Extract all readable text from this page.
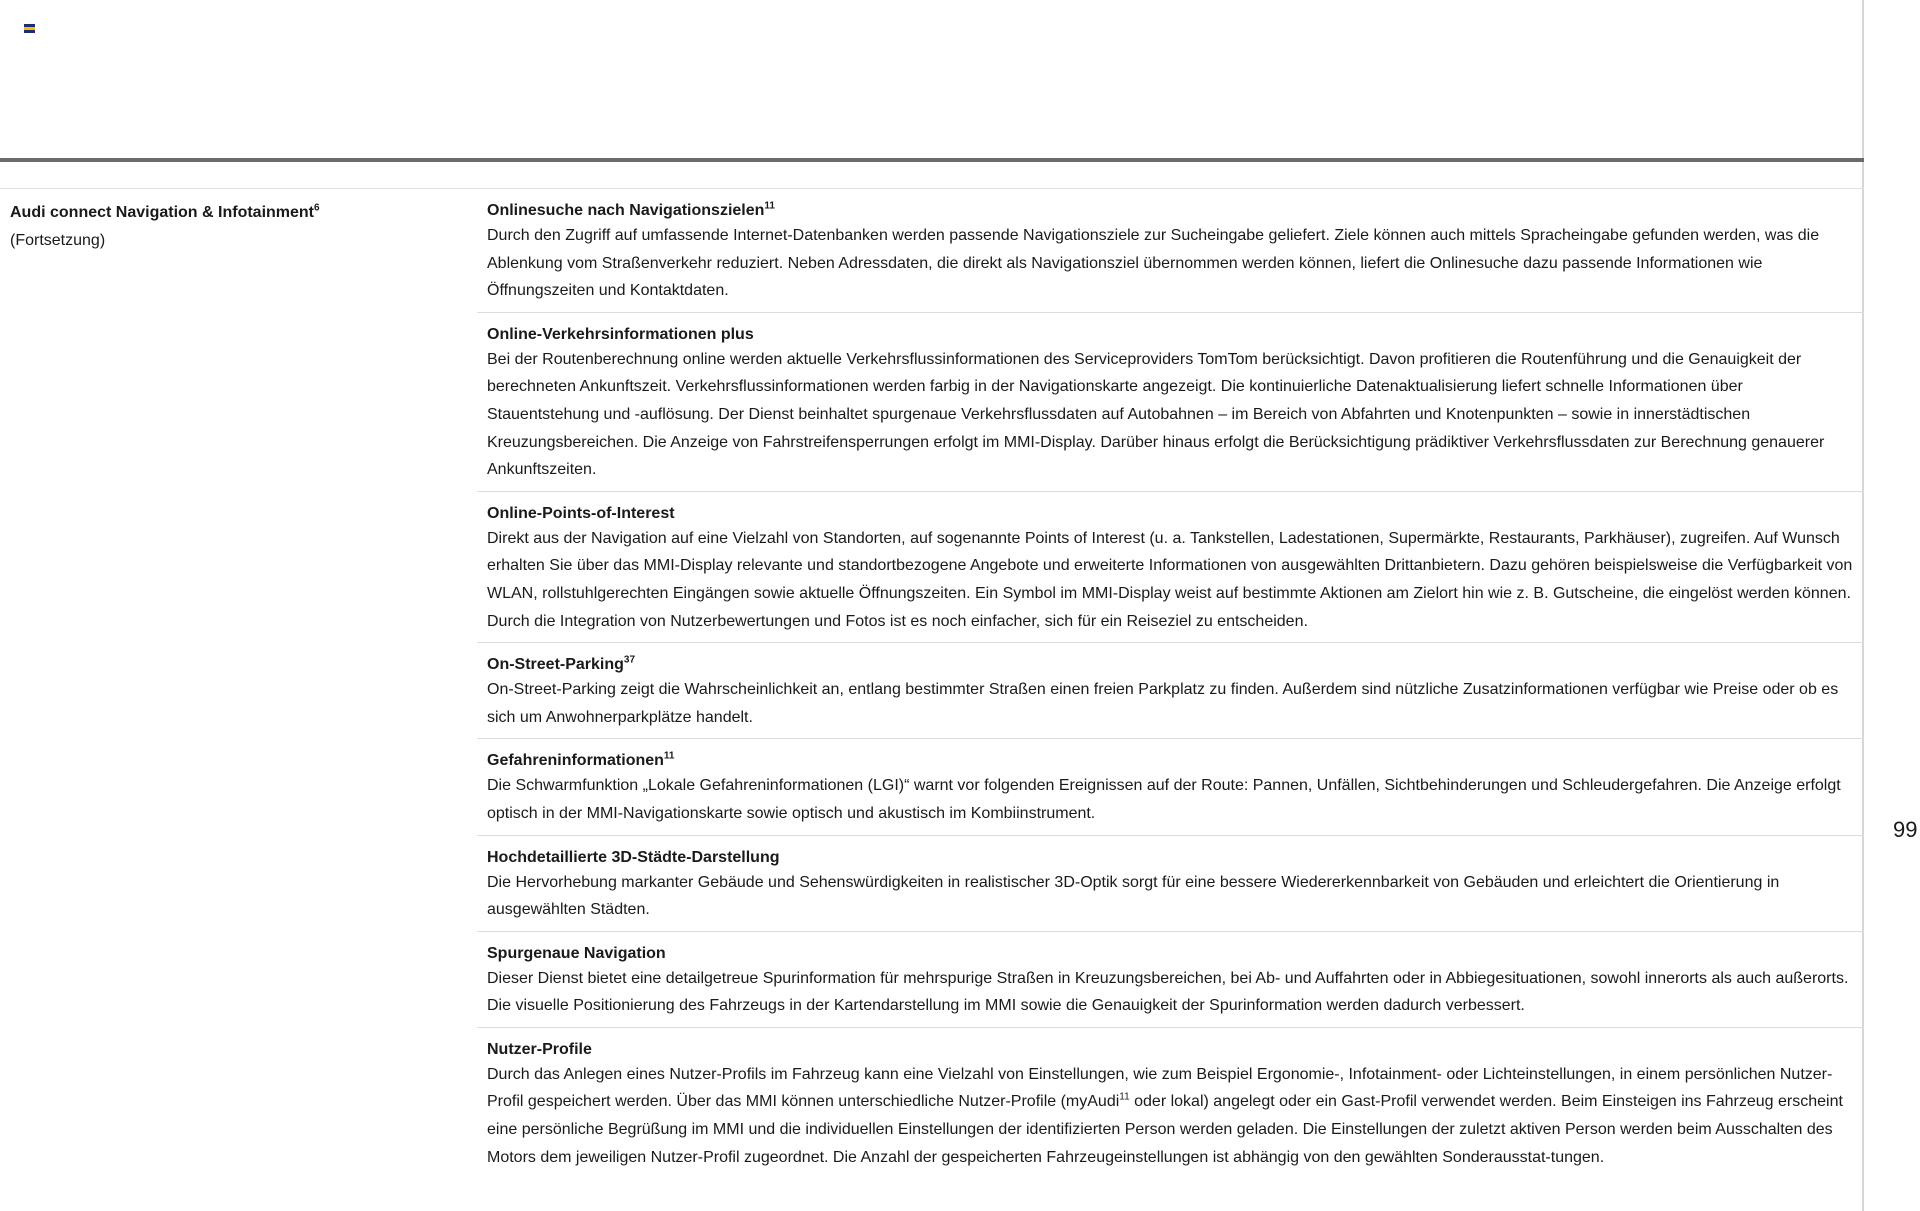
Audi connect Navigation & Infotainment$^6$
(Fortsetzung)

Onlinesuche nach Navigationszielen$^{11}$

Durch den Zugriff auf umfassende Internet-Datenbanken werden passende Navigationsziele zur Sucheingabe geliefert. Ziele können auch mittels Spracheingabe gefunden werden, was die Ablenkung vom Straßenverkehr reduziert. Neben Adressdaten, die direkt als Navigationsziel übernommen werden können, liefert die Onlinesuche dazu passende Informationen wie Öffnungszeiten und Kontaktdaten.

Online-Verkehrsinformationen plus

Bei der Routenberechnung online werden aktuelle Verkehrsflussinformationen des Serviceproviders TomTom berücksichtigt. Davon profitieren die Routenführung und die Genauigkeit der berechneten Ankunftszeit. Verkehrsflussinformationen werden farbig in der Navigationskarte angezeigt. Die kontinuierliche Datenaktualisierung liefert schnelle Informationen über Stauentstehung und -auflösung. Der Dienst beinhaltet spurgenaue Verkehrsflussdaten auf Autobahnen – im Bereich von Abfahrten und Knotenpunkten – sowie in innerstädtischen Kreuzungsbereichen. Die Anzeige von Fahrstreifensperrungen erfolgt im MMI-Display. Darüber hinaus erfolgt die Berücksichtigung prädiktiver Verkehrsflussdaten zur Berechnung genauerer Ankunftszeiten.

Online-Points-of-Interest

Direkt aus der Navigation auf eine Vielzahl von Standorten, auf sogenannte Points of Interest (u. a. Tankstellen, Ladestationen, Supermärkte, Restaurants, Parkhäuser), zugreifen. Auf Wunsch erhalten Sie über das MMI-Display relevante und standortbezogene Angebote und erweiterte Informationen von ausgewählten Drittanbietern. Dazu gehören beispielsweise die Verfügbarkeit von WLAN, rollstuhlgerechten Eingängen sowie aktuelle Öffnungszeiten. Ein Symbol im MMI-Display weist auf bestimmte Aktionen am Zielort hin wie z. B. Gutscheine, die eingelöst werden können. Durch die Integration von Nutzerbewertungen und Fotos ist es noch einfacher, sich für ein Reiseziel zu entscheiden.

On-Street-Parking$^{37}$

On-Street-Parking zeigt die Wahrscheinlichkeit an, entlang bestimmter Straßen einen freien Parkplatz zu finden. Außerdem sind nützliche Zusatzinformationen verfügbar wie Preise oder ob es sich um Anwohnerparkplätze handelt.

Gefahreninformationen$^{11}$

Die Schwarmfunktion „Lokale Gefahreninformationen (LGI)“ warnt vor folgenden Ereignissen auf der Route: Pannen, Unfällen, Sichtbehinderungen und Schleudergefahren. Die Anzeige erfolgt optisch in der MMI-Navigationskarte sowie optisch und akustisch im Kombiinstrument.

Hochdetaillierte 3D-Städte-Darstellung

Die Hervorhebung markanter Gebäude und Sehenswürdigkeiten in realistischer 3D-Optik sorgt für eine bessere Wiedererkennbarkeit von Gebäuden und erleichtert die Orientierung in ausgewählten Städten.

Spurgenaue Navigation

Dieser Dienst bietet eine detailgetreue Spurinformation für mehrspurige Straßen in Kreuzungsbereichen, bei Ab- und Auffahrten oder in Abbiegesituationen, sowohl innerorts als auch außerorts. Die visuelle Positionierung des Fahrzeugs in der Kartendarstellung im MMI sowie die Genauigkeit der Spurinformation werden dadurch verbessert.

Nutzer-Profile

Durch das Anlegen eines Nutzer-Profils im Fahrzeug kann eine Vielzahl von Einstellungen, wie zum Beispiel Ergonomie-, Infotainment- oder Lichteinstellungen, in einem persönlichen Nutzer-Profil gespeichert werden. Über das MMI können unterschiedliche Nutzer-Profile (myAudi$^{11}$ oder lokal) angelegt oder ein Gast-Profil verwendet werden. Beim Einsteigen ins Fahrzeug erscheint eine persönliche Begrüßung im MMI und die individuellen Einstellungen der identifizierten Person werden geladen. Die Einstellungen der zuletzt aktiven Person werden beim Ausschalten des Motors dem jeweiligen Nutzer-Profil zugeordnet. Die Anzahl der gespeicherten Fahrzeugeinstellungen ist abhängig von den gewählten Sonderausstat-tungen.

99
